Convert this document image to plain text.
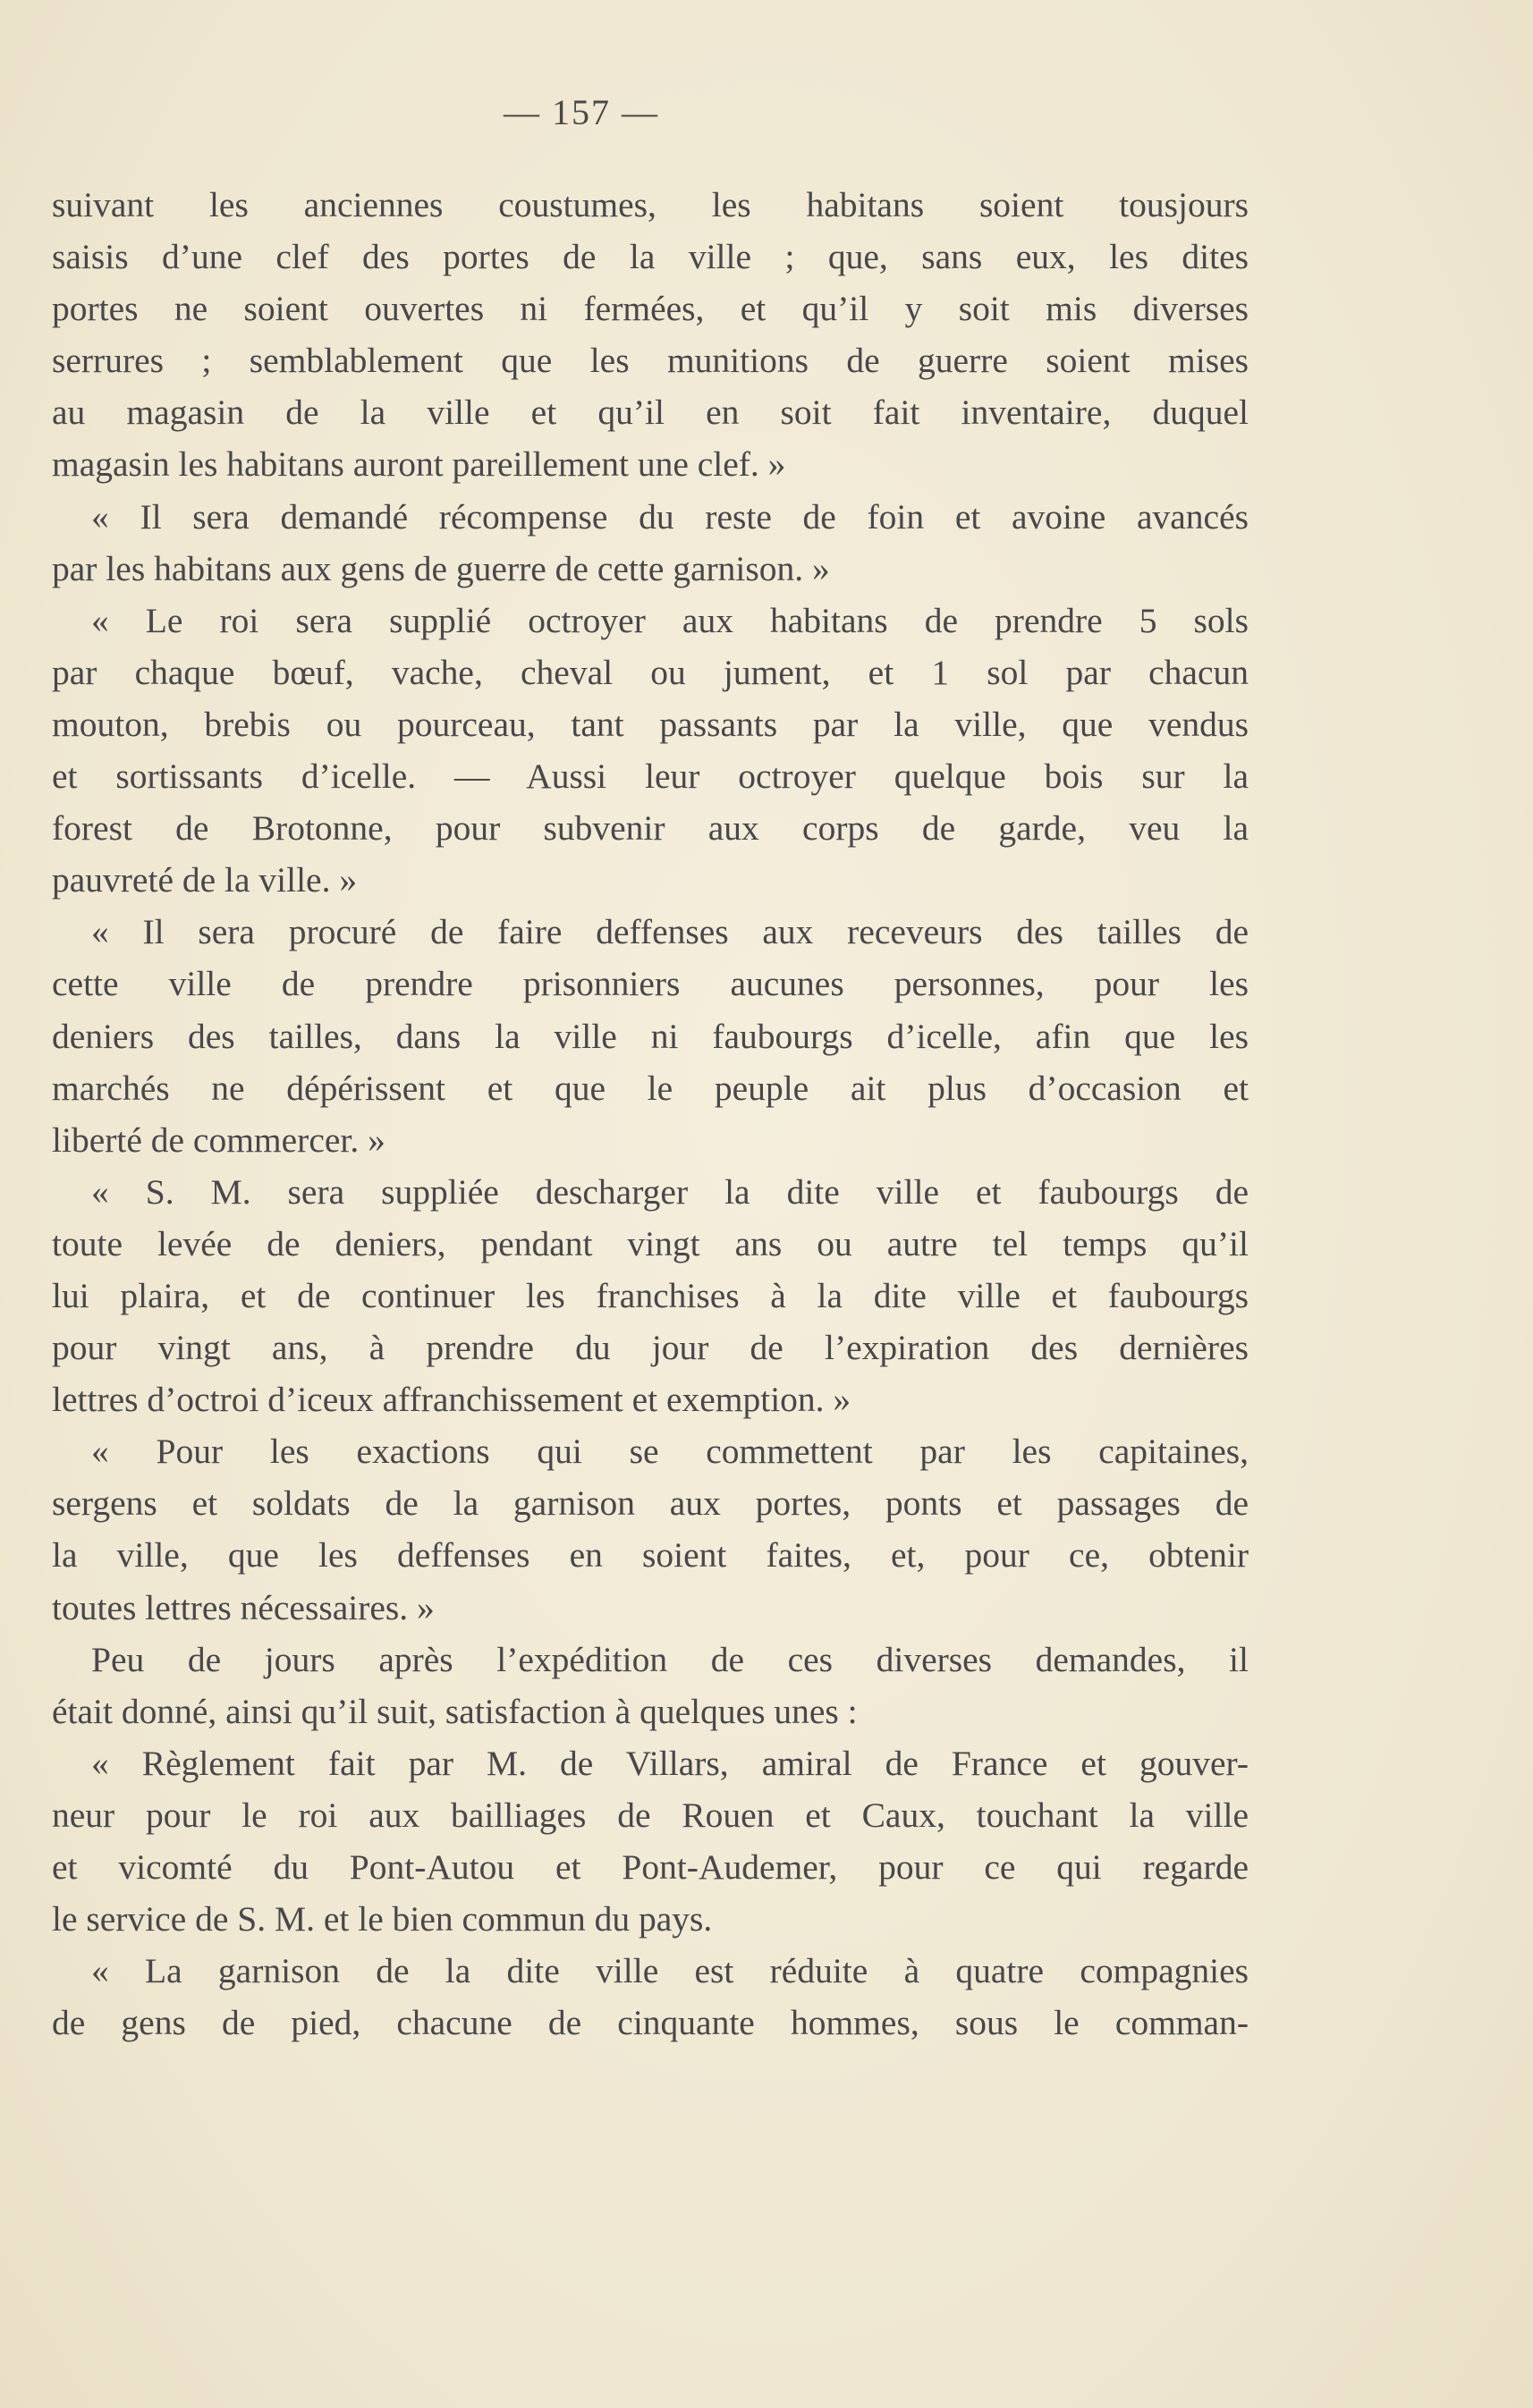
— 157 —
suivant les anciennes coustumes, les habitans soient tousjours
saisis d’une clef des portes de la ville ; que, sans eux, les dites
portes ne soient ouvertes ni fermées, et qu’il y soit mis diverses
serrures ; semblablement que les munitions de guerre soient mises
au magasin de la ville et qu’il en soit fait inventaire, duquel
magasin les habitans auront pareillement une clef. »
« Il sera demandé récompense du reste de foin et avoine avancés
par les habitans aux gens de guerre de cette garnison. »
« Le roi sera supplié octroyer aux habitans de prendre 5 sols
par chaque bœuf, vache, cheval ou jument, et 1 sol par chacun
mouton, brebis ou pourceau, tant passants par la ville, que vendus
et sortissants d’icelle. — Aussi leur octroyer quelque bois sur la
forest de Brotonne, pour subvenir aux corps de garde, veu la
pauvreté de la ville. »
« Il sera procuré de faire deffenses aux receveurs des tailles de
cette ville de prendre prisonniers aucunes personnes, pour les
deniers des tailles, dans la ville ni faubourgs d’icelle, afin que les
marchés ne dépérissent et que le peuple ait plus d’occasion et
liberté de commercer. »
« S. M. sera suppliée descharger la dite ville et faubourgs de
toute levée de deniers, pendant vingt ans ou autre tel temps qu’il
lui plaira, et de continuer les franchises à la dite ville et faubourgs
pour vingt ans, à prendre du jour de l’expiration des dernières
lettres d’octroi d’iceux affranchissement et exemption. »
« Pour les exactions qui se commettent par les capitaines,
sergens et soldats de la garnison aux portes, ponts et passages de
la ville, que les deffenses en soient faites, et, pour ce, obtenir
toutes lettres nécessaires. »
Peu de jours après l’expédition de ces diverses demandes, il
était donné, ainsi qu’il suit, satisfaction à quelques unes :
« Règlement fait par M. de Villars, amiral de France et gouver-
neur pour le roi aux bailliages de Rouen et Caux, touchant la ville
et vicomté du Pont-Autou et Pont-Audemer, pour ce qui regarde
le service de S. M. et le bien commun du pays.
« La garnison de la dite ville est réduite à quatre compagnies
de gens de pied, chacune de cinquante hommes, sous le comman-
